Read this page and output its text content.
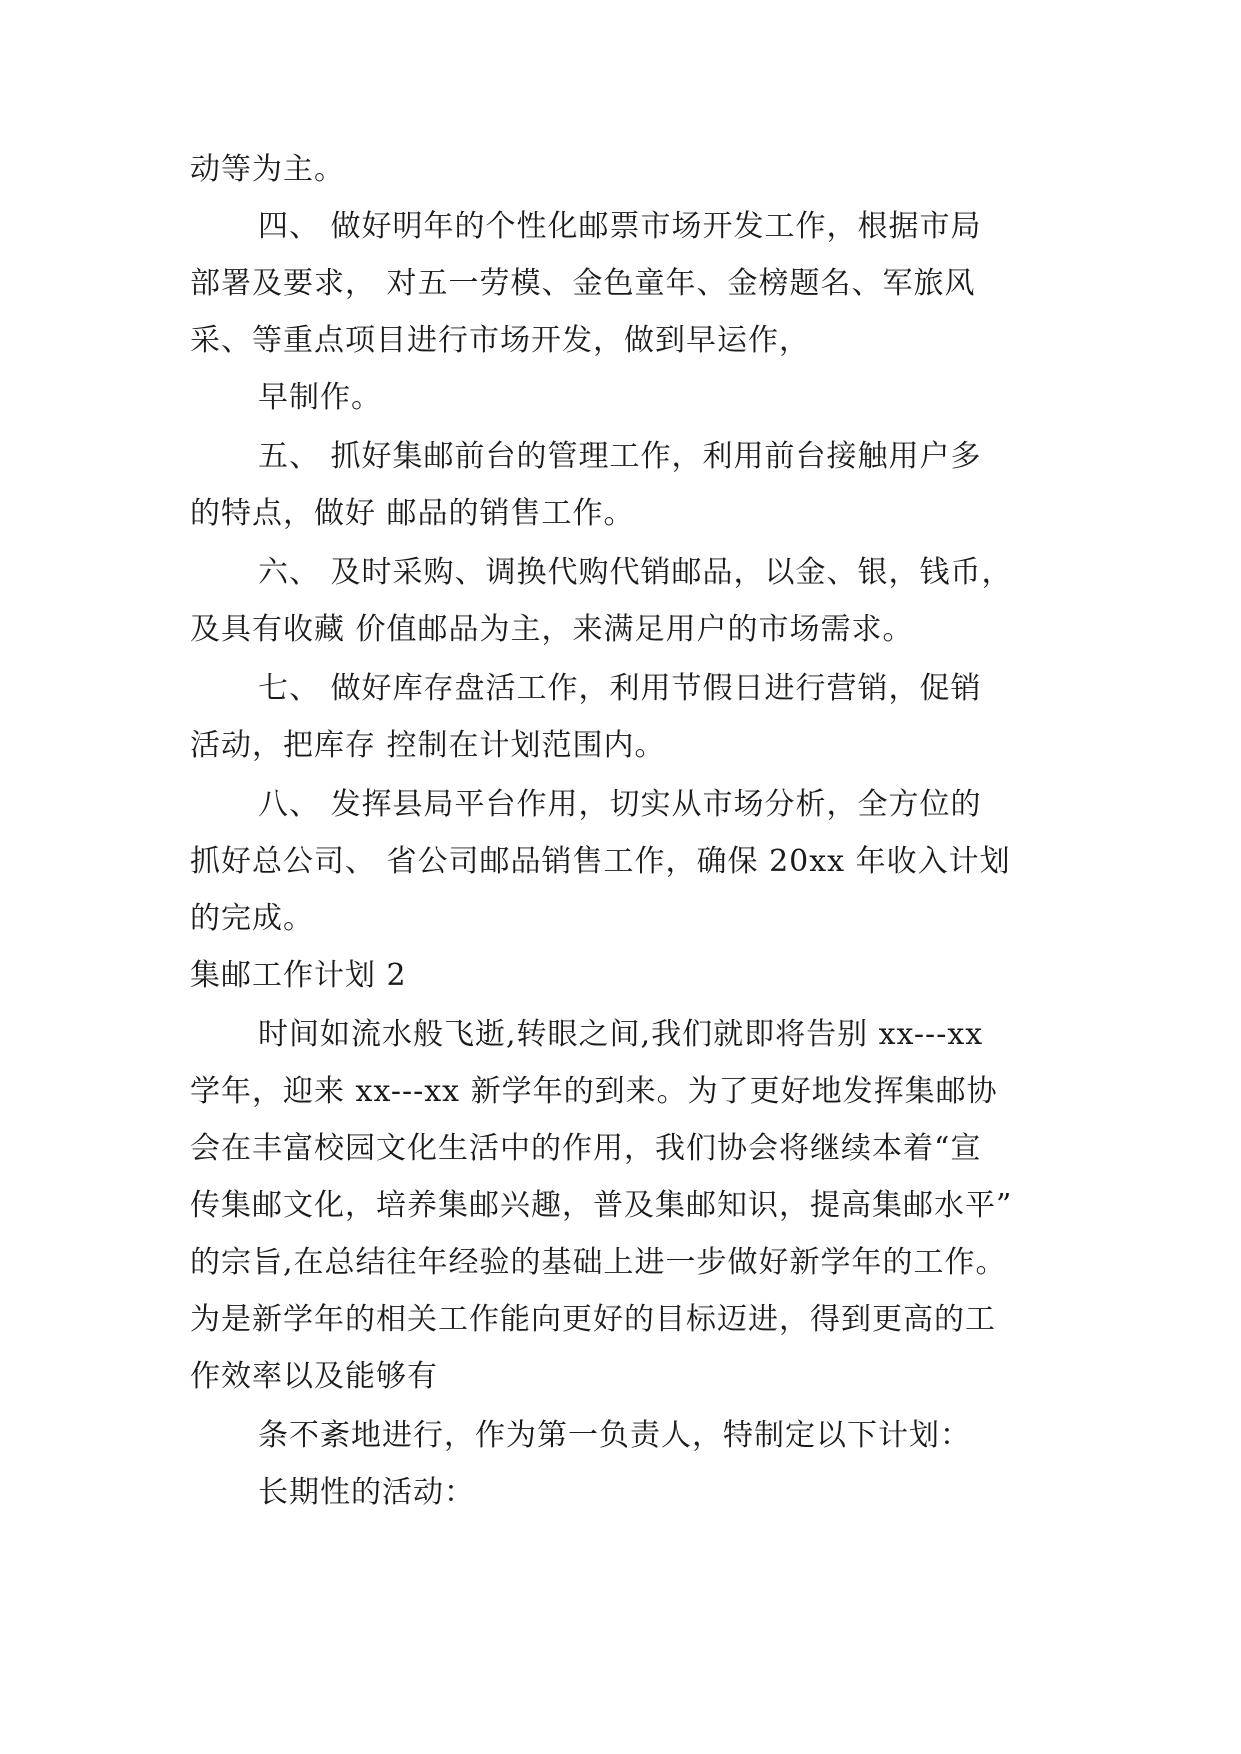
动等为主。
四、 做好明年的个性化邮票市场开发工作，根据市局
部署及要求， 对五一劳模、金色童年、金榜题名、军旅风
采、等重点项目进行市场开发，做到早运作，
早制作。
五、 抓好集邮前台的管理工作，利用前台接触用户多
的特点，做好 邮品的销售工作。
六、 及时采购、调换代购代销邮品，以金、银，钱币，
及具有收藏 价值邮品为主，来满足用户的市场需求。
七、 做好库存盘活工作，利用节假日进行营销，促销
活动，把库存 控制在计划范围内。
八、 发挥县局平台作用，切实从市场分析，全方位的
抓好总公司、 省公司邮品销售工作，确保 20xx 年收入计划
的完成。
集邮工作计划 2
时间如流水般飞逝,转眼之间,我们就即将告别 xx---xx
学年，迎来 xx---xx 新学年的到来。为了更好地发挥集邮协
会在丰富校园文化生活中的作用，我们协会将继续本着“宣
传集邮文化，培养集邮兴趣，普及集邮知识，提高集邮水平”
的宗旨,在总结往年经验的基础上进一步做好新学年的工作。
为是新学年的相关工作能向更好的目标迈进，得到更高的工
作效率以及能够有
条不紊地进行，作为第一负责人，特制定以下计划：
长期性的活动：
